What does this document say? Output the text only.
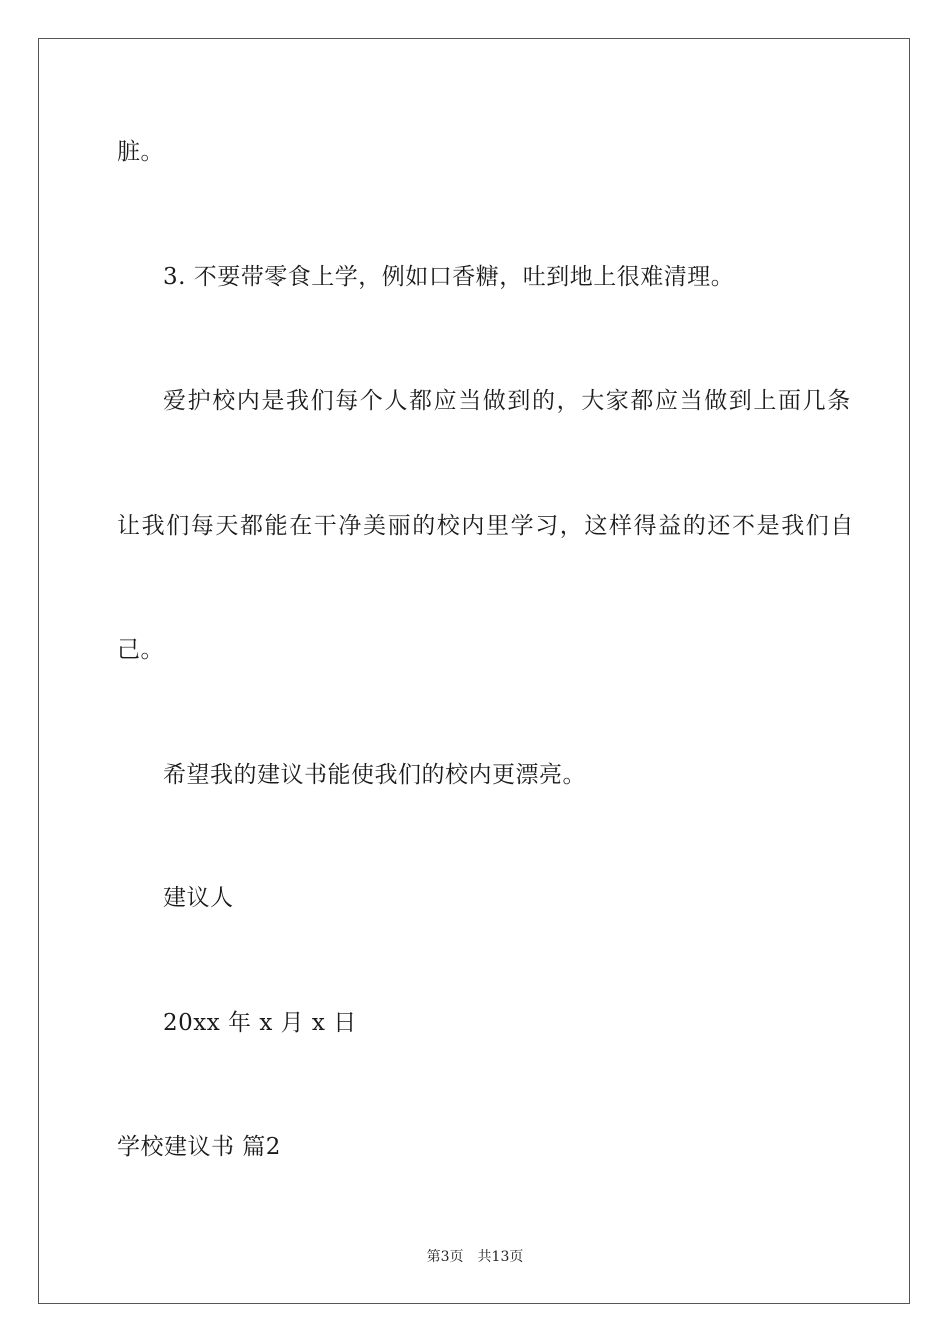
脏。
3. 不要带零食上学，例如口香糖，吐到地上很难清理。
爱护校内是我们每个人都应当做到的，大家都应当做到上面几条
让我们每天都能在干净美丽的校内里学习，这样得益的还不是我们自
己。
希望我的建议书能使我们的校内更漂亮。
建议人
20xx 年 x 月 x 日
学校建议书 篇2
第3页 共13页
